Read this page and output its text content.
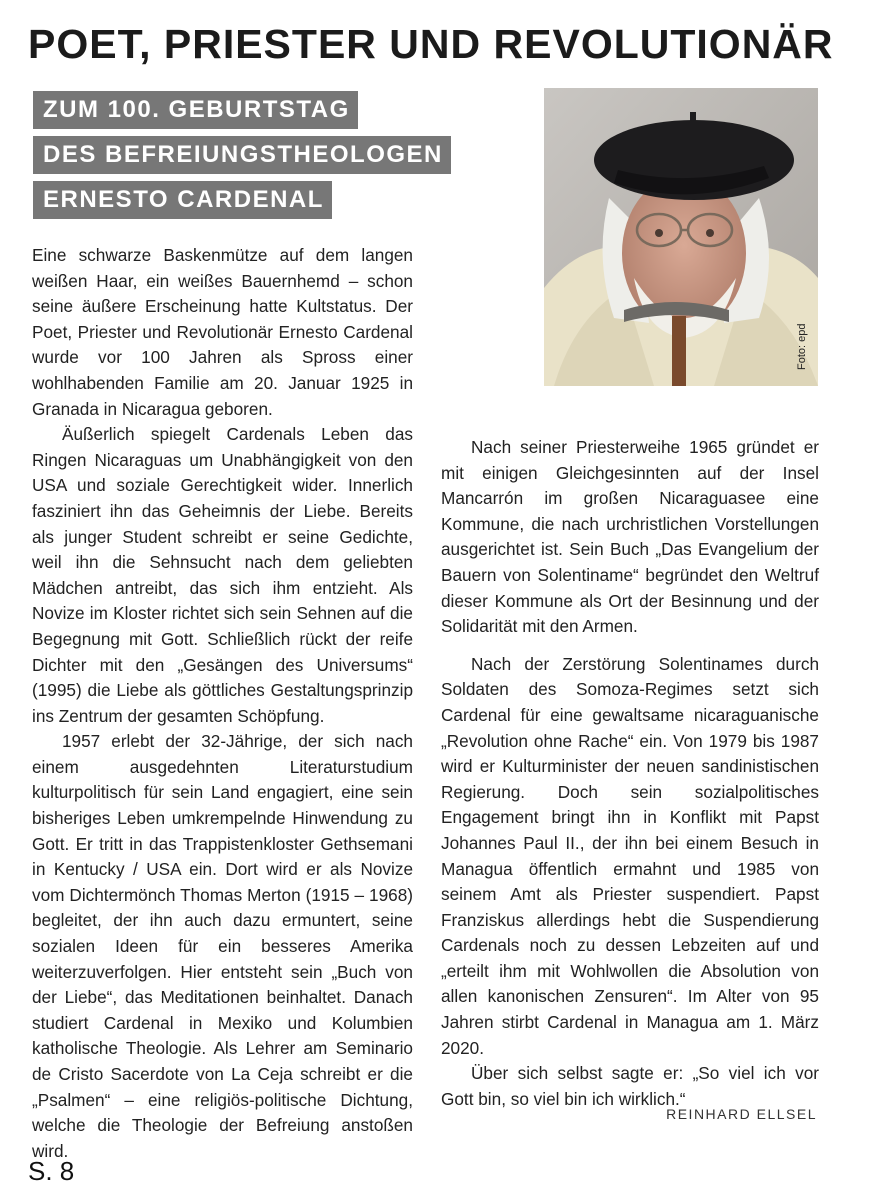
POET, PRIESTER UND REVOLUTIONÄR
ZUM 100. GEBURTSTAG
DES BEFREIUNGSTHEOLOGEN
ERNESTO CARDENAL
Foto: epd

Eine schwarze Baskenmütze auf dem langen weißen Haar, ein weißes Bauernhemd – schon seine äußere Erscheinung hatte Kultstatus. Der Poet, Priester und Revolutionär Ernesto Cardenal wurde vor 100 Jahren als Spross einer wohlhabenden Familie am 20. Januar 1925 in Granada in Nicaragua geboren.

Äußerlich spiegelt Cardenals Leben das Ringen Nicaraguas um Unabhängigkeit von den USA und soziale Gerechtigkeit wider. Innerlich fasziniert ihn das Geheimnis der Liebe. Bereits als junger Student schreibt er seine Gedichte, weil ihn die Sehnsucht nach dem geliebten Mädchen antreibt, das sich ihm entzieht. Als Novize im Kloster richtet sich sein Sehnen auf die Begegnung mit Gott. Schließlich rückt der reife Dichter mit den „Gesängen des Universums“ (1995) die Liebe als göttliches Gestaltungsprinzip ins Zentrum der gesamten Schöpfung.

1957 erlebt der 32-Jährige, der sich nach einem ausgedehnten Literaturstudium kulturpolitisch für sein Land engagiert, eine sein bisheriges Leben umkrempelnde Hinwendung zu Gott. Er tritt in das Trappistenkloster Gethsemani in Kentucky / USA ein. Dort wird er als Novize vom Dichtermönch Thomas Merton (1915 – 1968) begleitet, der ihn auch dazu ermuntert, seine sozialen Ideen für ein besseres Amerika weiterzuverfolgen. Hier entsteht sein „Buch von der Liebe“, das Meditationen beinhaltet. Danach studiert Cardenal in Mexiko und Kolumbien katholische Theologie. Als Lehrer am Seminario de Cristo Sacerdote von La Ceja schreibt er die „Psalmen“ – eine religiös-politische Dichtung, welche die Theologie der Befreiung anstoßen wird.

Nach seiner Priesterweihe 1965 gründet er mit einigen Gleichgesinnten auf der Insel Mancarrón im großen Nicaraguasee eine Kommune, die nach urchristlichen Vorstellungen ausgerichtet ist. Sein Buch „Das Evangelium der Bauern von Solentiname“ begründet den Weltruf dieser Kommune als Ort der Besinnung und der Solidarität mit den Armen.

Nach der Zerstörung Solentinames durch Soldaten des Somoza-Regimes setzt sich Cardenal für eine gewaltsame nicaraguanische „Revolution ohne Rache“ ein. Von 1979 bis 1987 wird er Kulturminister der neuen sandinistischen Regierung. Doch sein sozialpolitisches Engagement bringt ihn in Konflikt mit Papst Johannes Paul II., der ihn bei einem Besuch in Managua öffentlich ermahnt und 1985 von seinem Amt als Priester suspendiert. Papst Franziskus allerdings hebt die Suspendierung Cardenals noch zu dessen Lebzeiten auf und „erteilt ihm mit Wohlwollen die Absolution von allen kanonischen Zensuren“. Im Alter von 95 Jahren stirbt Cardenal in Managua am 1. März 2020.

Über sich selbst sagte er: „So viel ich vor Gott bin, so viel bin ich wirklich.“

REINHARD ELLSEL
S. 8
